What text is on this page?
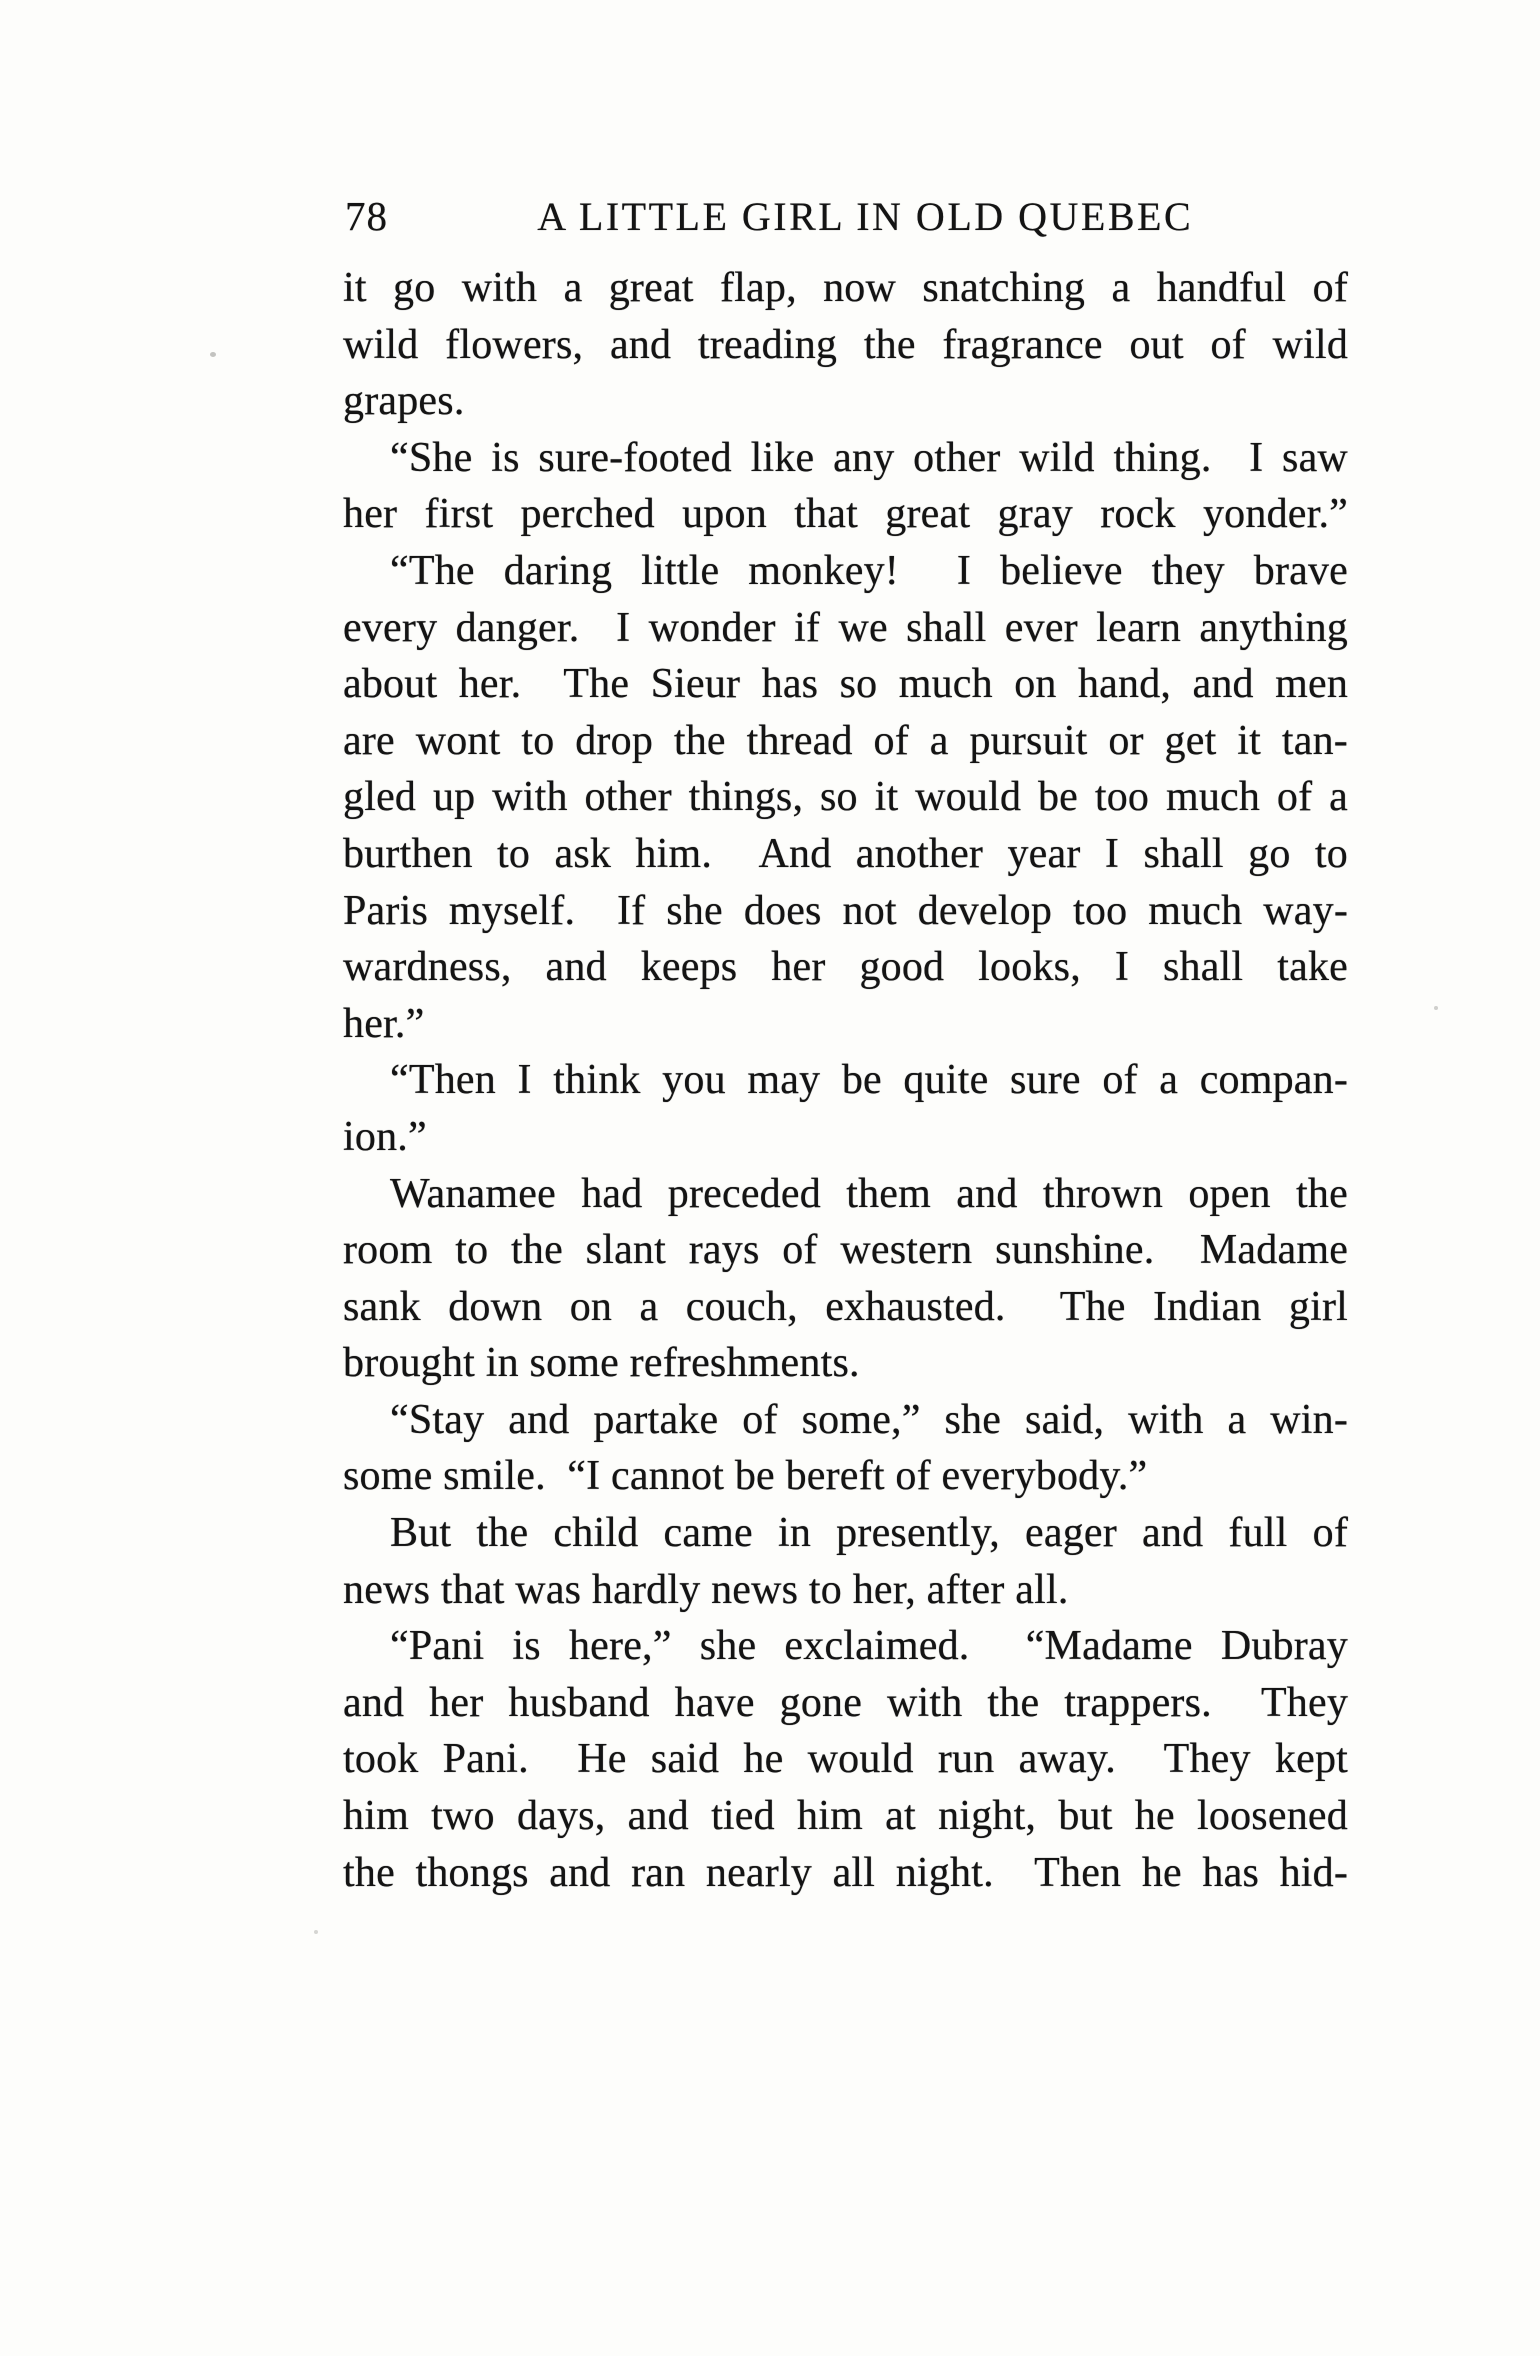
78	A LITTLE GIRL IN OLD QUEBEC
it go with a great flap, now snatching a handful of
wild flowers, and treading the fragrance out of wild
grapes.
“She is sure-footed like any other wild thing.  I saw
her first perched upon that great gray rock yonder.”
“The daring little monkey!  I believe they brave
every danger.  I wonder if we shall ever learn anything
about her.  The Sieur has so much on hand, and men
are wont to drop the thread of a pursuit or get it tan-
gled up with other things, so it would be too much of a
burthen to ask him.  And another year I shall go to
Paris myself.  If she does not develop too much way-
wardness, and keeps her good looks, I shall take
her.”
“Then I think you may be quite sure of a compan-
ion.”
Wanamee had preceded them and thrown open the
room to the slant rays of western sunshine.  Madame
sank down on a couch, exhausted.  The Indian girl
brought in some refreshments.
“Stay and partake of some,” she said, with a win-
some smile.  “I cannot be bereft of everybody.”
But the child came in presently, eager and full of
news that was hardly news to her, after all.
“Pani is here,” she exclaimed.  “Madame Dubray
and her husband have gone with the trappers.  They
took Pani.  He said he would run away.  They kept
him two days, and tied him at night, but he loosened
the thongs and ran nearly all night.  Then he has hid-
